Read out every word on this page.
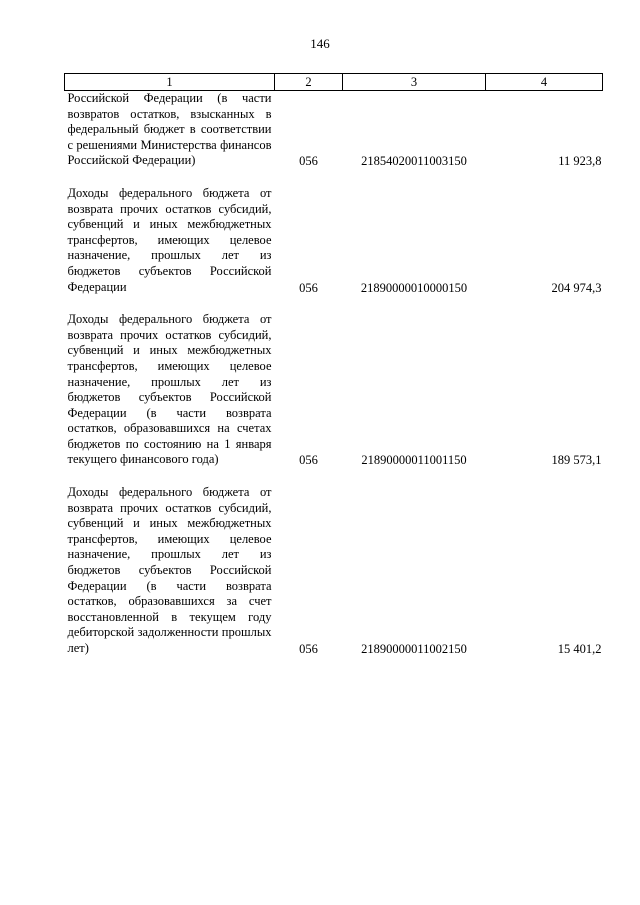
146
1	2	3	4
Российской Федерации (в части возвратов остатков, взысканных в федеральный бюджет в соответствии с решениями Министерства финансов Российской Федерации)	056	21854020011003150	11 923,8
Доходы федерального бюджета от возврата прочих остатков субсидий, субвенций и иных межбюджетных трансфертов, имеющих целевое назначение, прошлых лет из бюджетов субъектов Российской Федерации	056	21890000010000150	204 974,3
Доходы федерального бюджета от возврата прочих остатков субсидий, субвенций и иных межбюджетных трансфертов, имеющих целевое назначение, прошлых лет из бюджетов субъектов Российской Федерации (в части возврата остатков, образовавшихся на счетах бюджетов по состоянию на 1 января текущего финансового года)	056	21890000011001150	189 573,1
Доходы федерального бюджета от возврата прочих остатков субсидий, субвенций и иных межбюджетных трансфертов, имеющих целевое назначение, прошлых лет из бюджетов субъектов Российской Федерации (в части возврата остатков, образовавшихся за счет восстановленной в текущем году дебиторской задолженности прошлых лет)	056	21890000011002150	15 401,2
